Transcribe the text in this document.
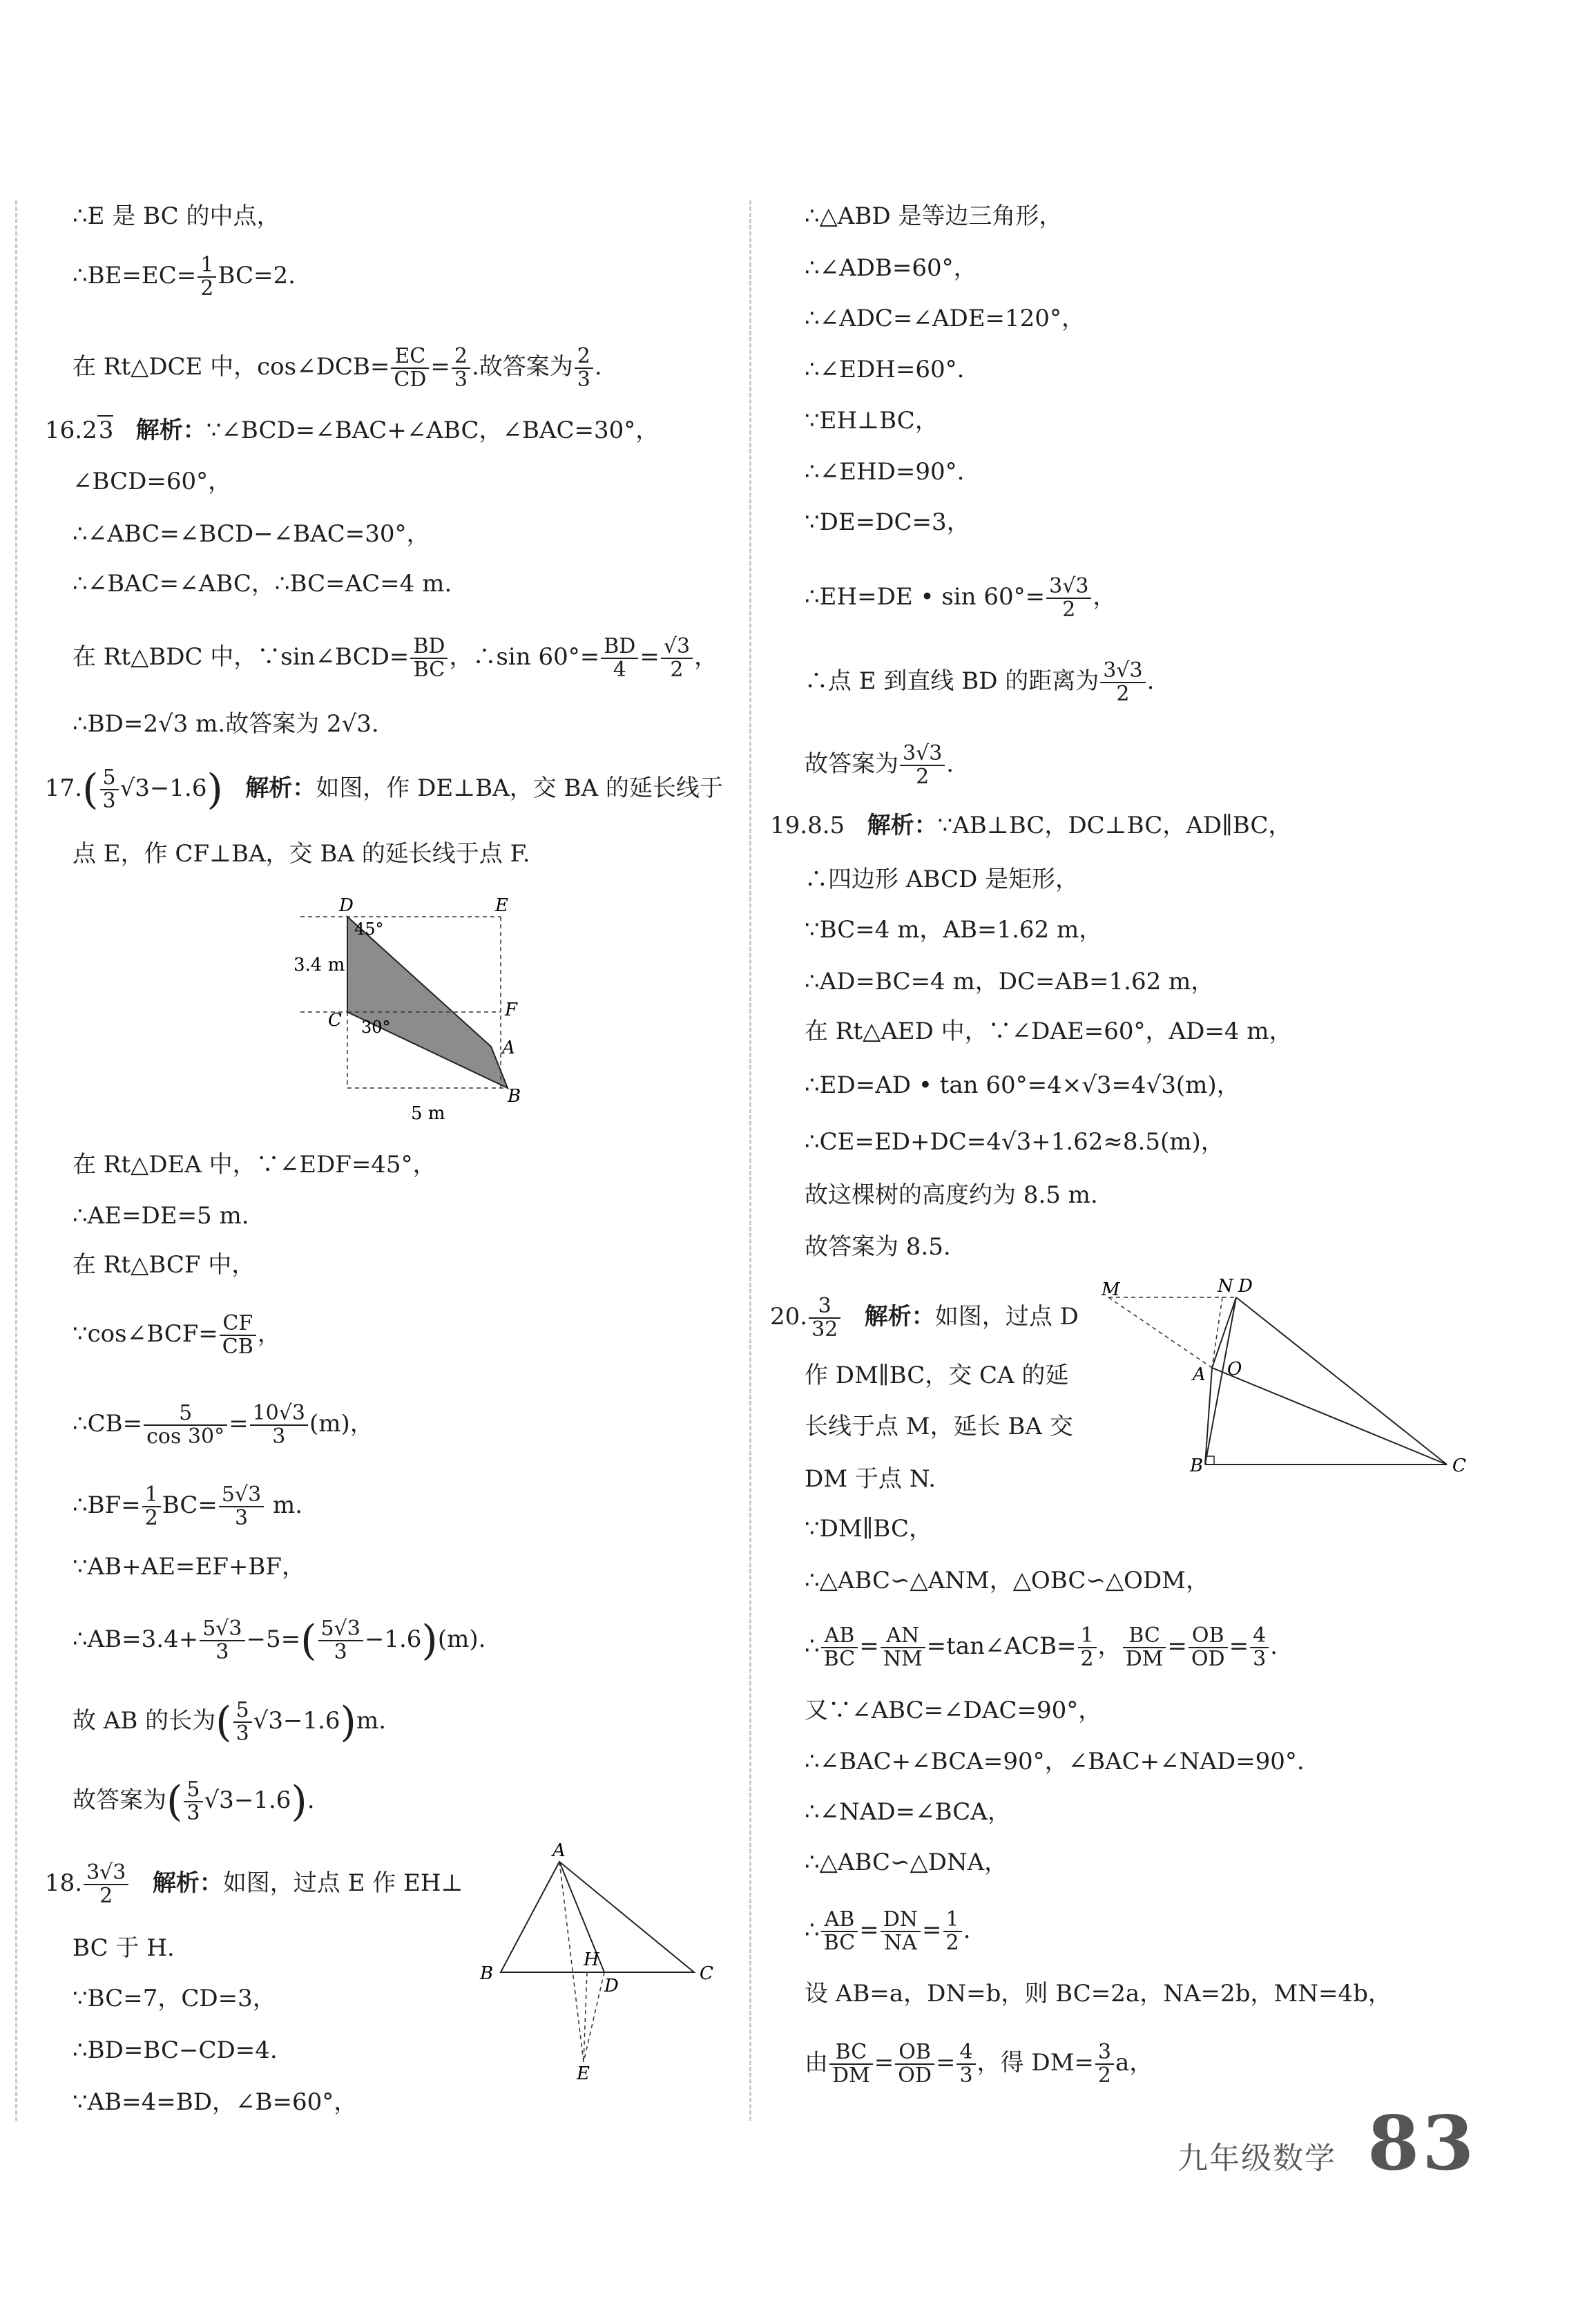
∴E 是 BC 的中点，
∴BE=EC= $\frac{1}{2} BC=2$.
在 Rt△DCE 中，cos∠DCB= $\frac{EC}{CD} = \frac{2}{3}$ .故答案为 $\frac{2}{3}$ .
16.23 解析：∵∠BCD=∠BAC+∠ABC，∠BAC=30°，
∠BCD=60°，
∴∠ABC=∠BCD−∠BAC=30°，
∴∠BAC=∠ABC，∴BC=AC=4 m.
在 Rt△BDC 中，∵sin∠BCD= $\frac{BD}{BC}$ ，∴sin $60^\circ= \frac{BD}{4} = \frac{√3}{2}$ ，
∴BD=2√3 m.故答案为 2√3.
$17.( \frac{5}{3} √3-1.6)$ 解析：如图，作 DE⊥BA，交 BA 的延长线于
点 E，作 CF⊥BA，交 BA 的延长线于点 F.
D	E
C	F
A
B
3.4 m
5 m
45°
30°
在 Rt△DEA 中，∵∠EDF=45°，
∴AE=DE=5 m.
在 Rt△BCF 中，
∵cos∠BCF= $\frac{CF}{CB}$ ，
∴CB= $\frac{5}{\cos 30^\circ} = \frac{10√3}{3} (m)$，
∴BF= $\frac{1}{2} BC= \frac{5√3}{3} m$.
∵AB+AE=EF+BF，
∴AB=3.4+ $\frac{5√3}{3} -5=( \frac{5√3}{3} -1.6)(m)$.
故 AB 的长为( $\frac{5}{3} √3-1.6)m$.
故答案为( $\frac{5}{3} √3-1.6$).
18. $\frac{3√3}{2}$ 解析：如图，过点 E 作 EH⊥
BC 于 H.
∵BC=7，CD=3，
∴BD=BC−CD=4.
∵AB=4=BD，∠B=60°，
A
B	C
D
H
E
∴△ABD 是等边三角形，
∴∠ADB=60°，
∴∠ADC=∠ADE=120°，
∴∠EDH=60°.
∵EH⊥BC，
∴∠EHD=90°.
∵DE=DC=3，
∴EH=DE • $\sin 60^\circ= \frac{3√3}{2}$ ，
∴点 E 到直线 BD 的距离为 $\frac{3√3}{2}$ .
故答案为 $\frac{3√3}{2}$ .
19.8.5 解析：∵AB⊥BC，DC⊥BC，AD∥BC，
∴四边形 ABCD 是矩形，
∵BC=4 m，AB=1.62 m，
∴AD=BC=4 m，DC=AB=1.62 m，
在 Rt△AED 中，∵∠DAE=60°，AD=4 m，
∴ED=AD • tan 60°=4×√3=4√3(m)，
∴CE=ED+DC=4√3+1.62≈8.5(m)，
故这棵树的高度约为 8.5 m.
故答案为 8.5.
20. $\frac{3}{32}$ 解析：如图，过点 D
作 DM∥BC，交 CA 的延
长线于点 M，延长 BA 交
DM 于点 N.
M	N D
A O
B	C
∵DM∥BC，
∴△ABC∽△ANM，△OBC∽△ODM，
∴ $\frac{AB}{BC} = \frac{AN}{NM}$ =tan∠ACB= $\frac{1}{2}$ ， $\frac{BC}{DM} = \frac{OB}{OD} = \frac{4}{3}$ .
又∵∠ABC=∠DAC=90°，
∴∠BAC+∠BCA=90°，∠BAC+∠NAD=90°.
∴∠NAD=∠BCA，
∴△ABC∽△DNA，
∴ $\frac{AB}{BC} = \frac{DN}{NA} = \frac{1}{2}$ .
设 AB=a，DN=b，则 BC=2a，NA=2b，MN=4b，
由 $\frac{BC}{DM} = \frac{OB}{OD} = \frac{4}{3}$ ，得 $DM= \frac{3}{2}$ a，
九年级数学 83
